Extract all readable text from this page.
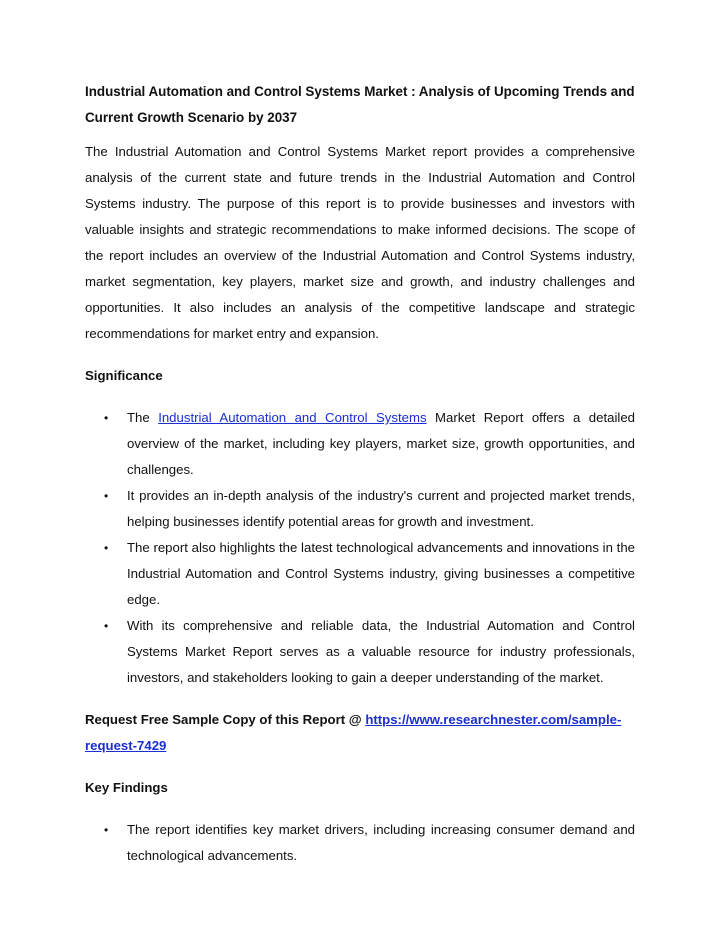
Industrial Automation and Control Systems Market : Analysis of Upcoming Trends and Current Growth Scenario by 2037

The Industrial Automation and Control Systems Market report provides a comprehensive analysis of the current state and future trends in the Industrial Automation and Control Systems industry. The purpose of this report is to provide businesses and investors with valuable insights and strategic recommendations to make informed decisions. The scope of the report includes an overview of the Industrial Automation and Control Systems industry, market segmentation, key players, market size and growth, and industry challenges and opportunities. It also includes an analysis of the competitive landscape and strategic recommendations for market entry and expansion.

Significance

• The Industrial Automation and Control Systems Market Report offers a detailed overview of the market, including key players, market size, growth opportunities, and challenges.
• It provides an in-depth analysis of the industry's current and projected market trends, helping businesses identify potential areas for growth and investment.
• The report also highlights the latest technological advancements and innovations in the Industrial Automation and Control Systems industry, giving businesses a competitive edge.
• With its comprehensive and reliable data, the Industrial Automation and Control Systems Market Report serves as a valuable resource for industry professionals, investors, and stakeholders looking to gain a deeper understanding of the market.

Request Free Sample Copy of this Report @ https://www.researchnester.com/sample-request-7429

Key Findings

• The report identifies key market drivers, including increasing consumer demand and technological advancements.
